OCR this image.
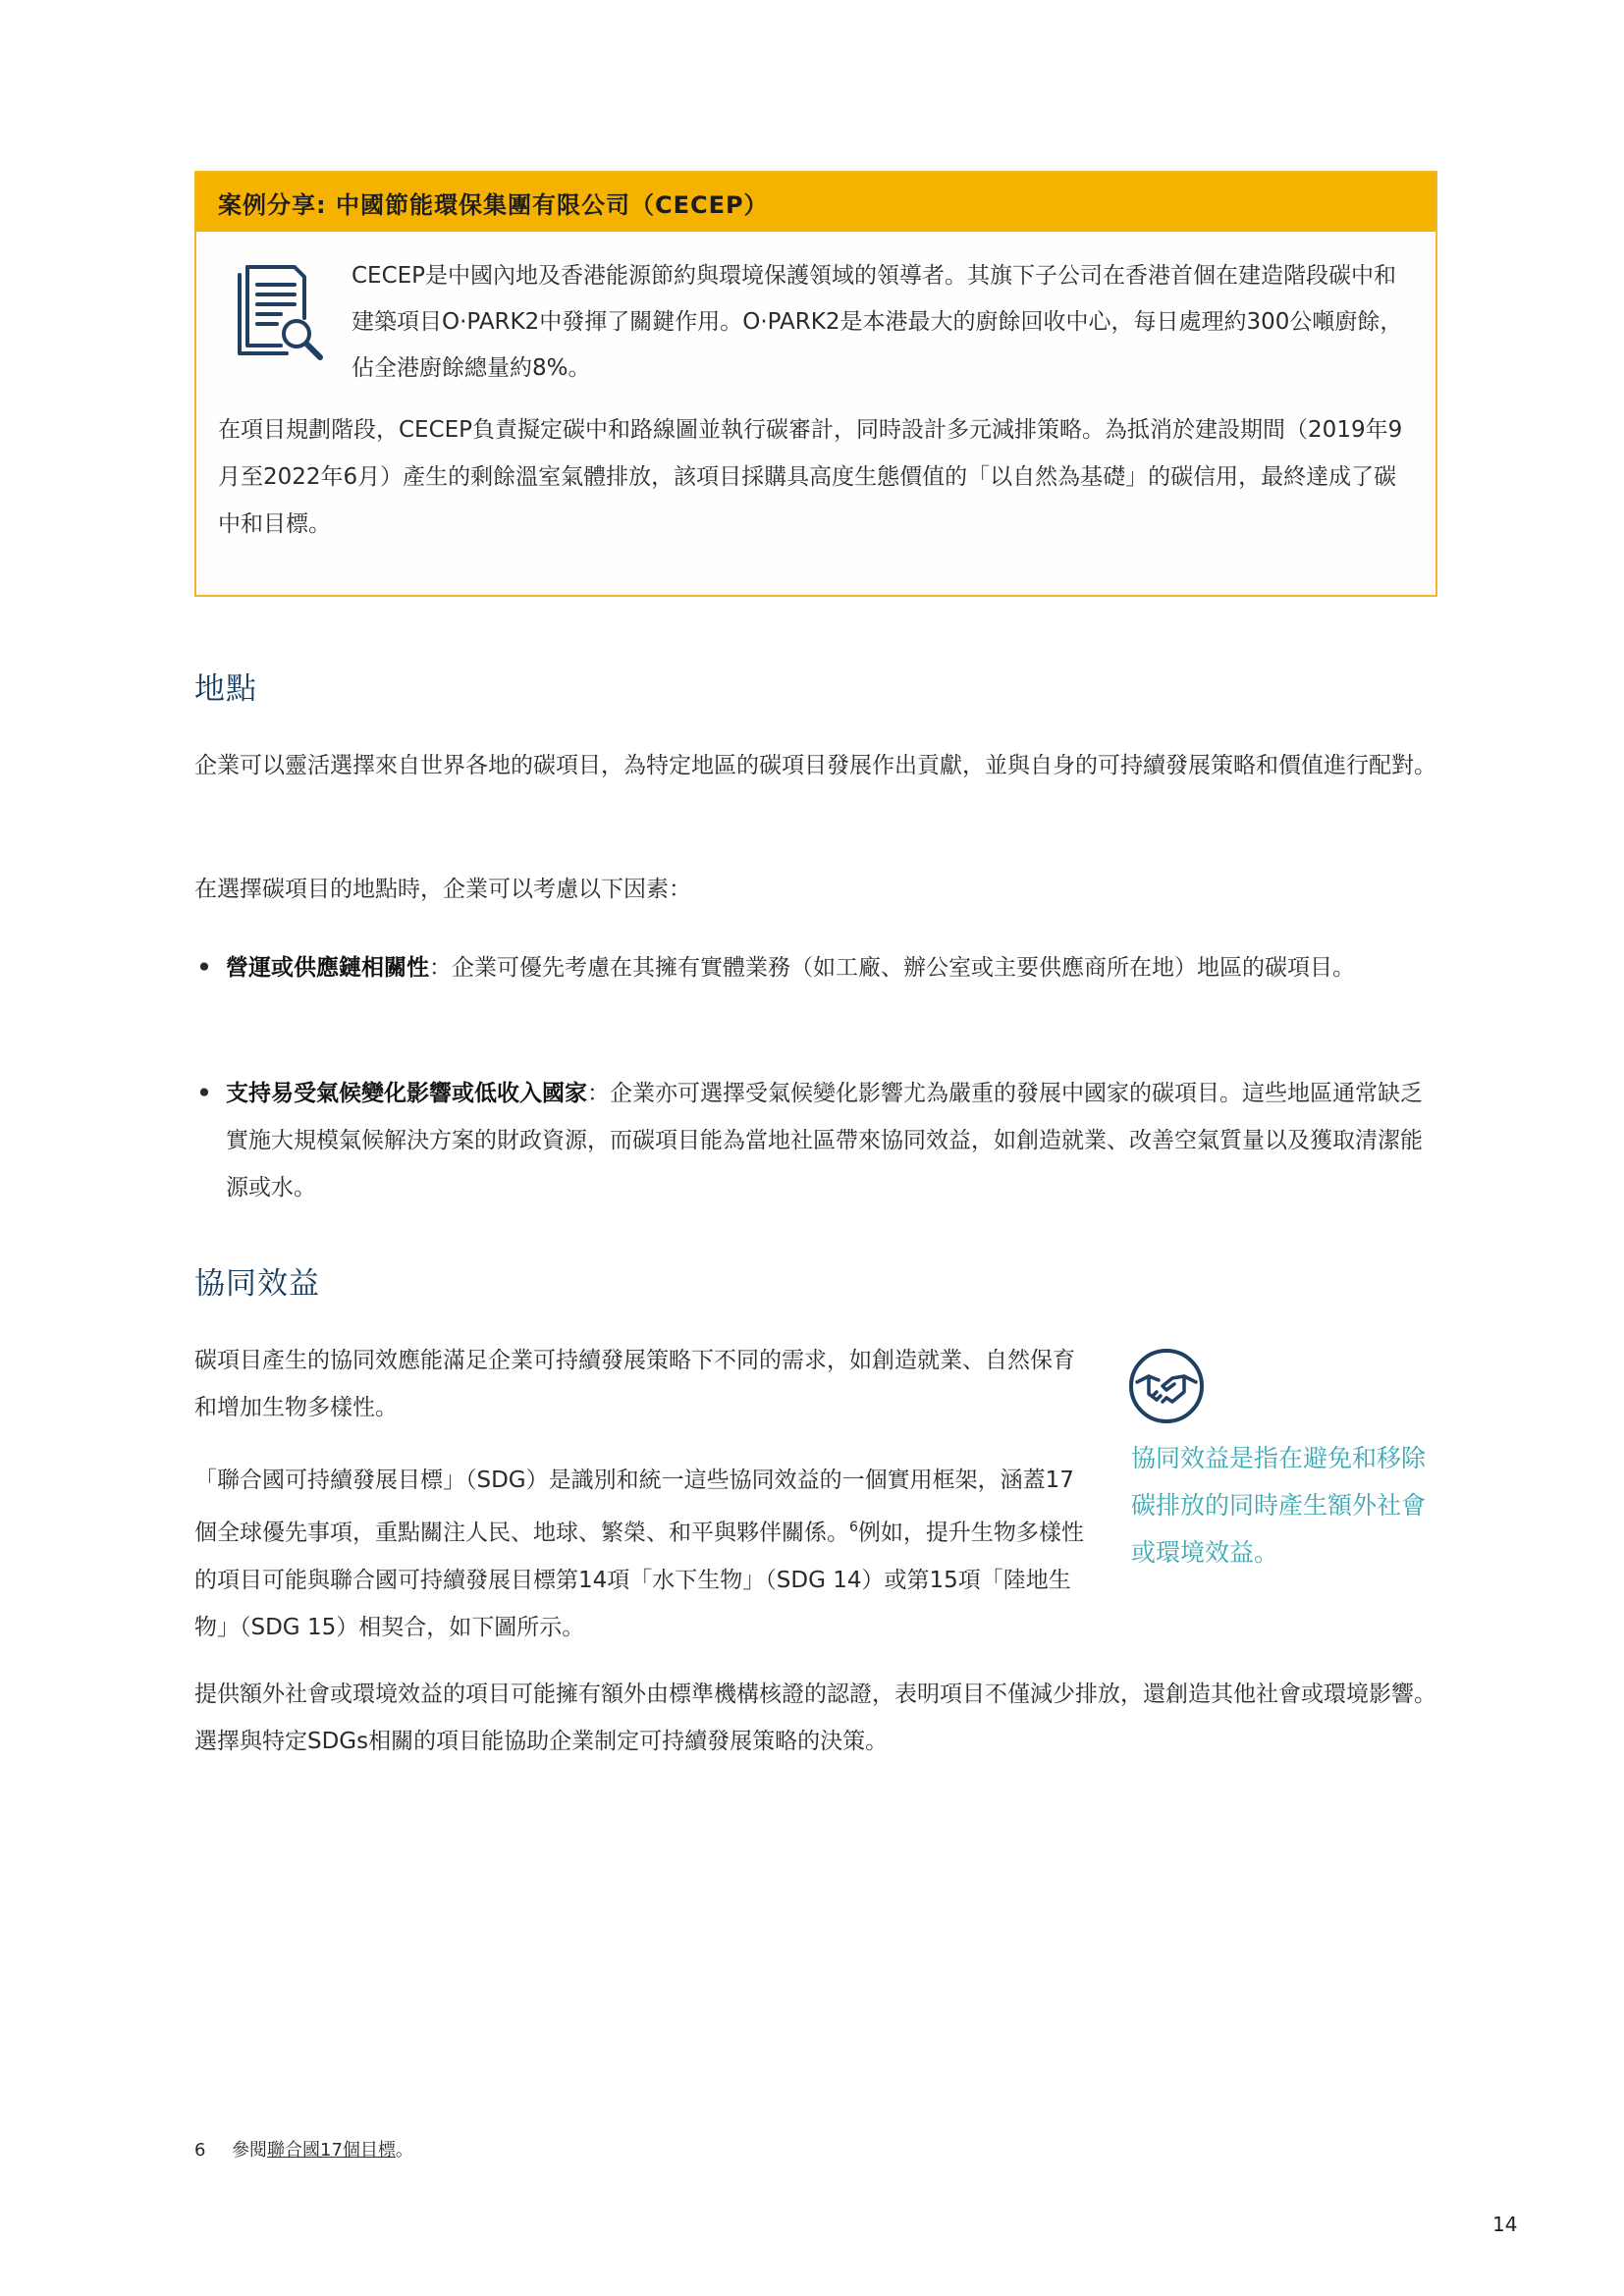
案例分享: 中國節能環保集團有限公司（CECEP）
CECEP是中國內地及香港能源節約與環境保護領域的領導者。其旗下子公司在香港首個在建造階段碳中和建築項目O·PARK2中發揮了關鍵作用。O·PARK2是本港最大的廚餘回收中心，每日處理約300公噸廚餘，佔全港廚餘總量約8%。
在項目規劃階段，CECEP負責擬定碳中和路線圖並執行碳審計，同時設計多元減排策略。為抵消於建設期間（2019年9月至2022年6月）產生的剩餘溫室氣體排放，該項目採購具高度生態價值的「以自然為基礎」的碳信用，最終達成了碳中和目標。
地點

企業可以靈活選擇來自世界各地的碳項目，為特定地區的碳項目發展作出貢獻，並與自身的可持續發展策略和價值進行配對。

在選擇碳項目的地點時，企業可以考慮以下因素：

• 營運或供應鏈相關性：企業可優先考慮在其擁有實體業務（如工廠、辦公室或主要供應商所在地）地區的碳項目。
• 支持易受氣候變化影響或低收入國家：企業亦可選擇受氣候變化影響尤為嚴重的發展中國家的碳項目。這些地區通常缺乏實施大規模氣候解決方案的財政資源，而碳項目能為當地社區帶來協同效益，如創造就業、改善空氣質量以及獲取清潔能源或水。
協同效益

碳項目產生的協同效應能滿足企業可持續發展策略下不同的需求，如創造就業、自然保育和增加生物多樣性。

「聯合國可持續發展目標」（SDG）是識別和統一這些協同效益的一個實用框架，涵蓋17個全球優先事項，重點關注人民、地球、繁榮、和平與夥伴關係。$^6$例如，提升生物多樣性的項目可能與聯合國可持續發展目標第14項「水下生物」（SDG 14）或第15項「陸地生物」（SDG 15）相契合，如下圖所示。

協同效益是指在避免和移除碳排放的同時產生額外社會或環境效益。

提供額外社會或環境效益的項目可能擁有額外由標準機構核證的認證，表明項目不僅減少排放，還創造其他社會或環境影響。選擇與特定SDGs相關的項目能協助企業制定可持續發展策略的決策。

6 參閱聯合國17個目標。
14
